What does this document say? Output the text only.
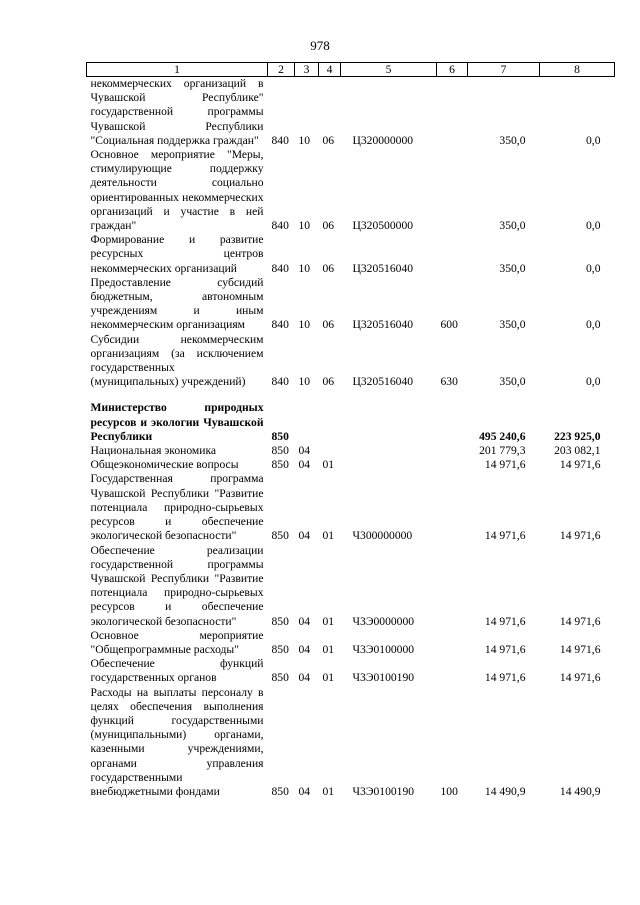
978
1	2	3	4	5	6	7	8
некоммерческих организаций в Чувашской Республике" государственной программы Чувашской Республики "Социальная поддержка граждан"	840	10	06	Ц320000000		350,0	0,0
Основное мероприятие "Меры, стимулирующие поддержку деятельности социально ориентированных некоммерческих организаций и участие в ней граждан"	840	10	06	Ц320500000		350,0	0,0
Формирование и развитие ресурсных центров некоммерческих организаций	840	10	06	Ц320516040		350,0	0,0
Предоставление субсидий бюджетным, автономным учреждениям и иным некоммерческим организациям	840	10	06	Ц320516040	600	350,0	0,0
Субсидии некоммерческим организациям (за исключением государственных (муниципальных) учреждений)	840	10	06	Ц320516040	630	350,0	0,0

Министерство природных ресурсов и экологии Чувашской Республики	850					495 240,6	223 925,0
Национальная экономика	850	04				201 779,3	203 082,1
Общеэкономические вопросы	850	04	01			14 971,6	14 971,6
Государственная программа Чувашской Республики "Развитие потенциала природно-сырьевых ресурсов и обеспечение экологической безопасности"	850	04	01	Ч300000000		14 971,6	14 971,6
Обеспечение реализации государственной программы Чувашской Республики "Развитие потенциала природно-сырьевых ресурсов и обеспечение экологической безопасности"	850	04	01	Ч3Э0000000		14 971,6	14 971,6
Основное мероприятие "Общепрограммные расходы"	850	04	01	Ч3Э0100000		14 971,6	14 971,6
Обеспечение функций государственных органов	850	04	01	Ч3Э0100190		14 971,6	14 971,6
Расходы на выплаты персоналу в целях обеспечения выполнения функций государственными (муниципальными) органами, казенными учреждениями, органами управления государственными внебюджетными фондами	850	04	01	Ч3Э0100190	100	14 490,9	14 490,9
